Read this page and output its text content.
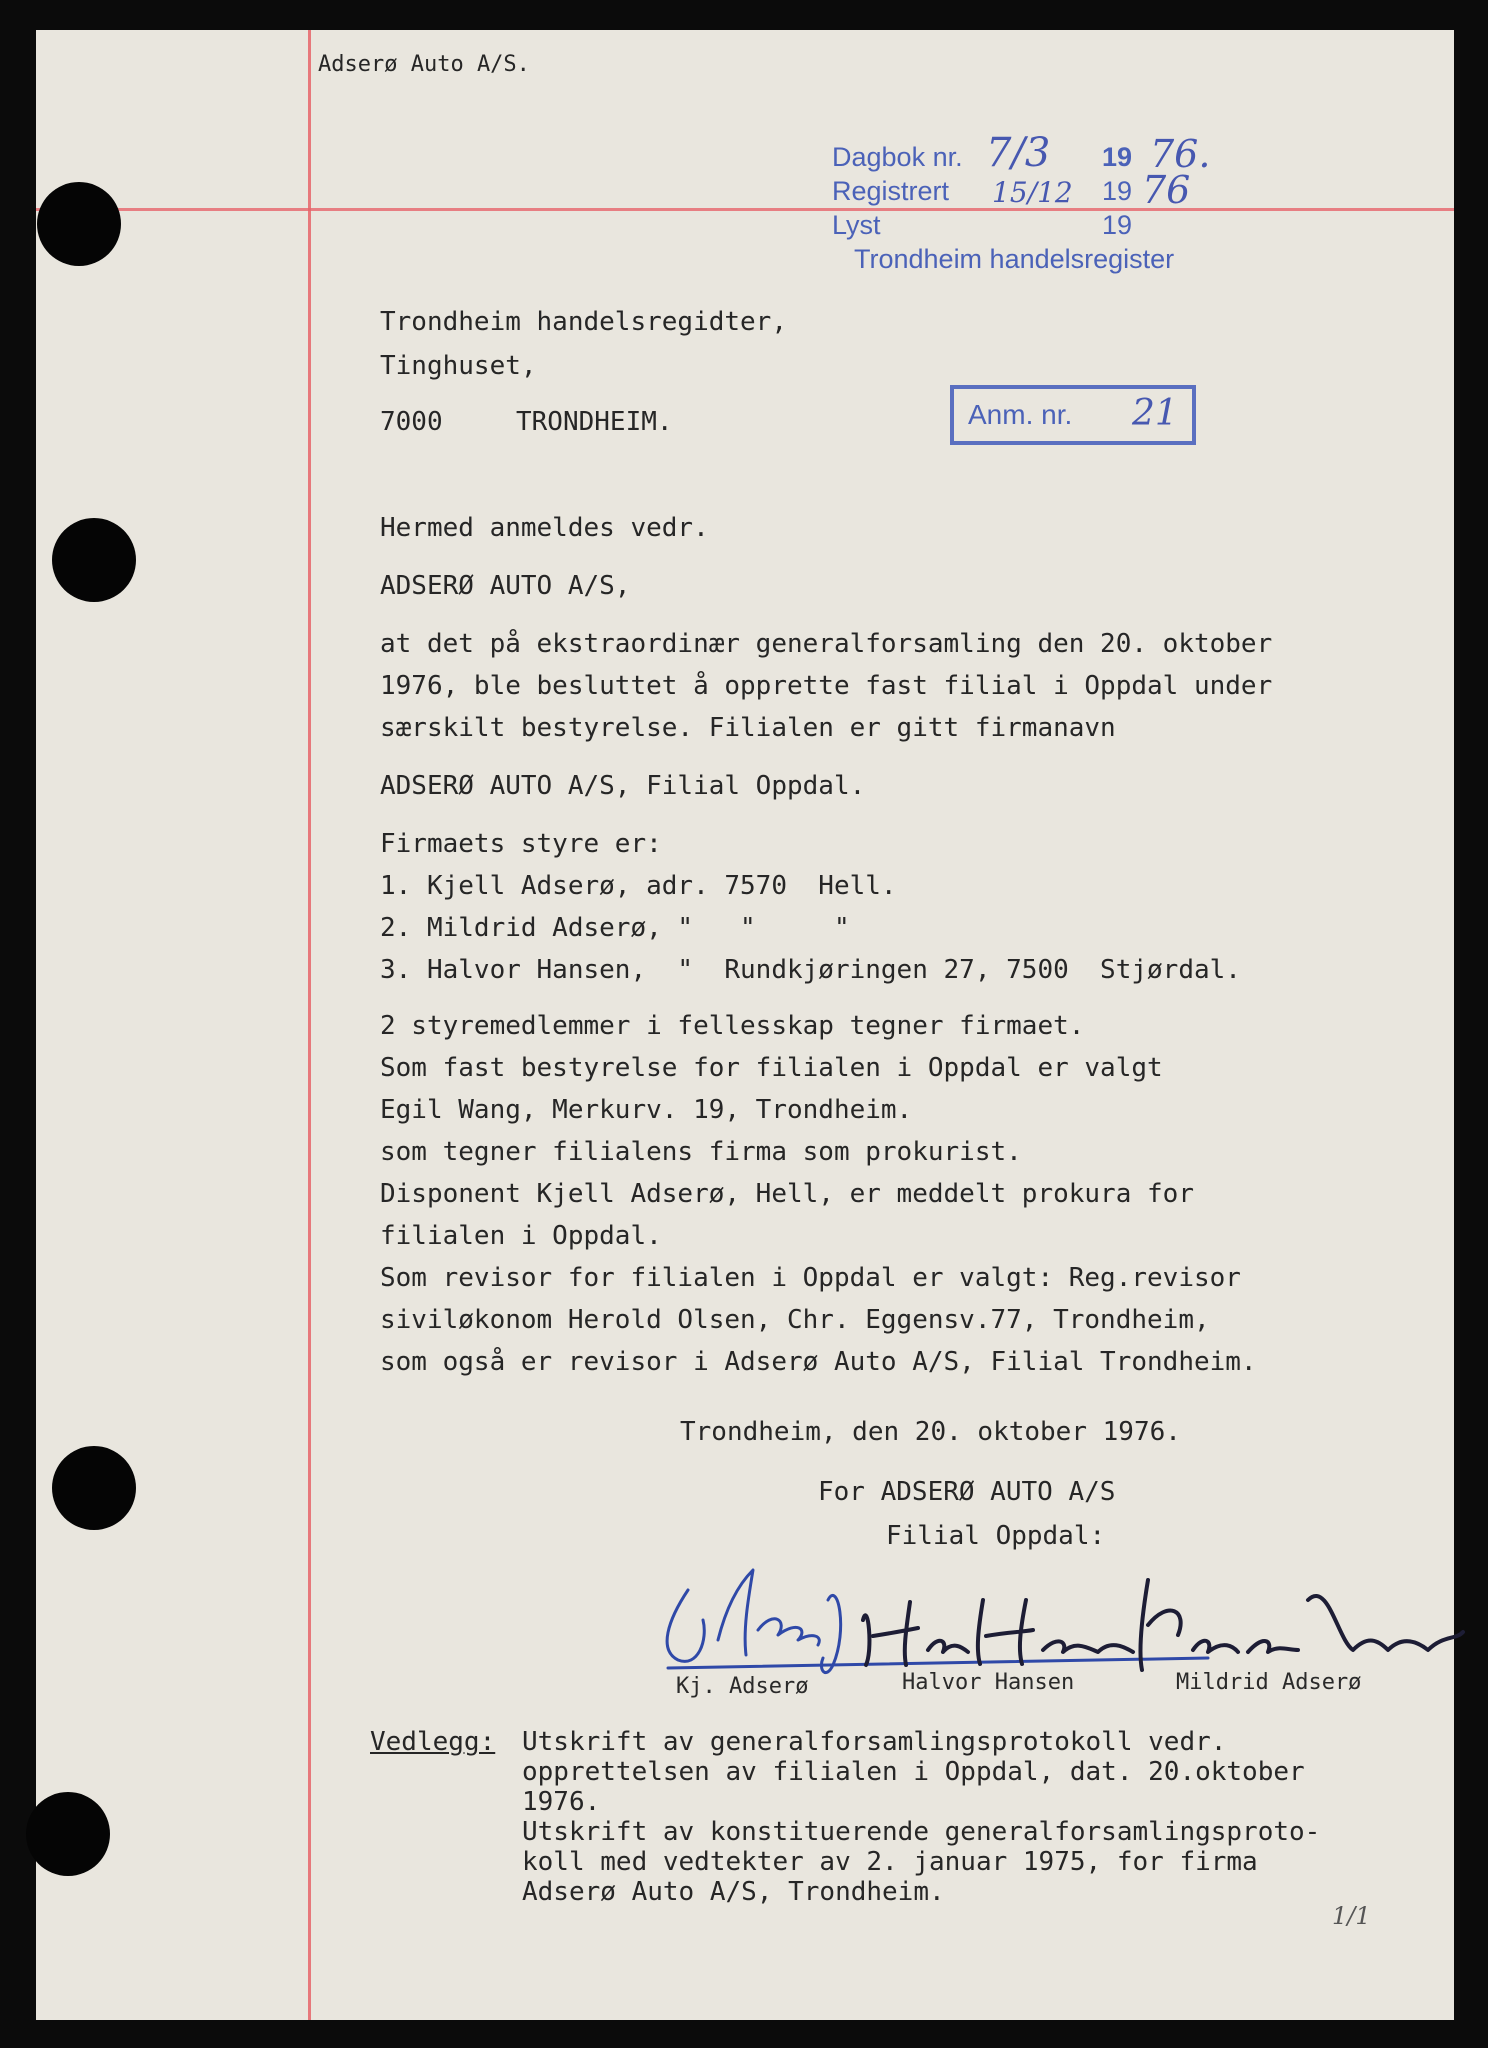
Adserø Auto A/S.
Dagbok nr. 7/3 19 76.
Registrert 15/12 19 76
Lyst	19
Trondheim handelsregister
Anm. nr. 21
Trondheim handelsregidter,
Tinghuset,
7000	TRONDHEIM.
Hermed anmeldes vedr.
ADSERØ AUTO A/S,
at det på ekstraordinær generalforsamling den 20. oktober
1976, ble besluttet å opprette fast filial i Oppdal under
særskilt bestyrelse. Filialen er gitt firmanavn
ADSERØ AUTO A/S, Filial Oppdal.
Firmaets styre er:
1. Kjell Adserø, adr. 7570  Hell.
2. Mildrid Adserø, "   "     "
3. Halvor Hansen,  "  Rundkjøringen 27, 7500  Stjørdal.
2 styremedlemmer i fellesskap tegner firmaet.
Som fast bestyrelse for filialen i Oppdal er valgt
Egil Wang, Merkurv. 19, Trondheim.
som tegner filialens firma som prokurist.
Disponent Kjell Adserø, Hell, er meddelt prokura for
filialen i Oppdal.
Som revisor for filialen i Oppdal er valgt: Reg.revisor
siviløkonom Herold Olsen, Chr. Eggensv.77, Trondheim,
som også er revisor i Adserø Auto A/S, Filial Trondheim.
Trondheim, den 20. oktober 1976.
For ADSERØ AUTO A/S
Filial Oppdal:
Kj. Adserø	Halvor Hansen	Mildrid Adserø
Vedlegg: Utskrift av generalforsamlingsprotokoll vedr.
opprettelsen av filialen i Oppdal, dat. 20.oktober
1976.
Utskrift av konstituerende generalforsamlingsproto-
koll med vedtekter av 2. januar 1975, for firma
Adserø Auto A/S, Trondheim.
1/1
